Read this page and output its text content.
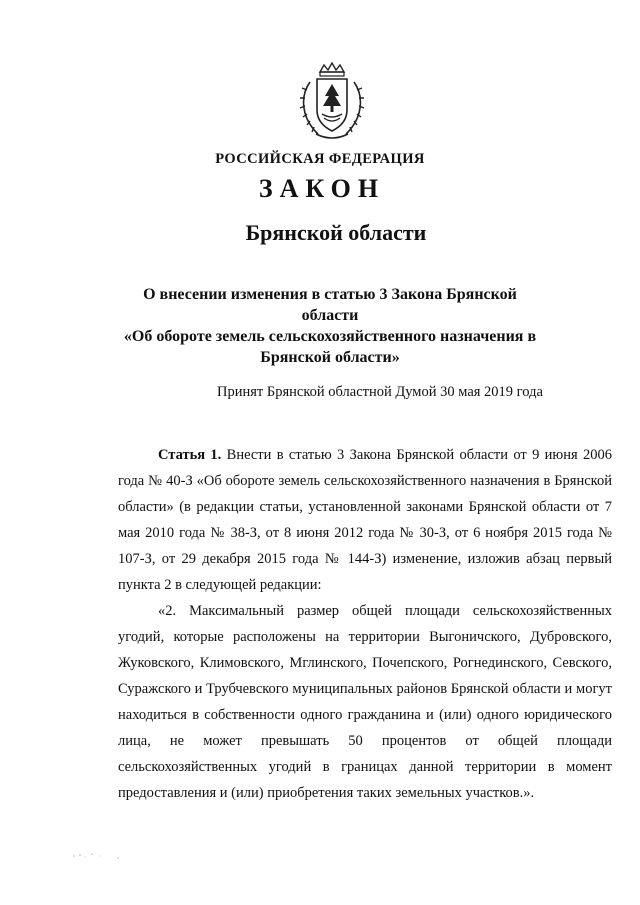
РОССИЙСКАЯ ФЕДЕРАЦИЯ
ЗАКОН
Брянской области
О внесении изменения в статью 3 Закона Брянской области
«Об обороте земель сельскохозяйственного назначения в
Брянской области»
Принят Брянской областной Думой 30 мая 2019 года

Статья 1. Внести в статью 3 Закона Брянской области от 9 июня 2006 года № 40-З «Об обороте земель сельскохозяйственного назначения в Брянской области» (в редакции статьи, установленной законами Брянской области от 7 мая 2010 года № 38-З, от 8 июня 2012 года № 30-З, от 6 ноября 2015 года № 107-З, от 29 декабря 2015 года № 144-З) изменение, изложив абзац первый пункта 2 в следующей редакции:

«2. Максимальный размер общей площади сельскохозяйственных угодий, которые расположены на территории Выгоничского, Дубровского, Жуковского, Климовского, Мглинского, Почепского, Рогнединского, Севского, Суражского и Трубчевского муниципальных районов Брянской области и могут находиться в собственности одного гражданина и (или) одного юридического лица, не может превышать 50 процентов от общей площади сельскохозяйственных угодий в границах данной территории в момент предоставления и (или) приобретения таких земельных участков.».
